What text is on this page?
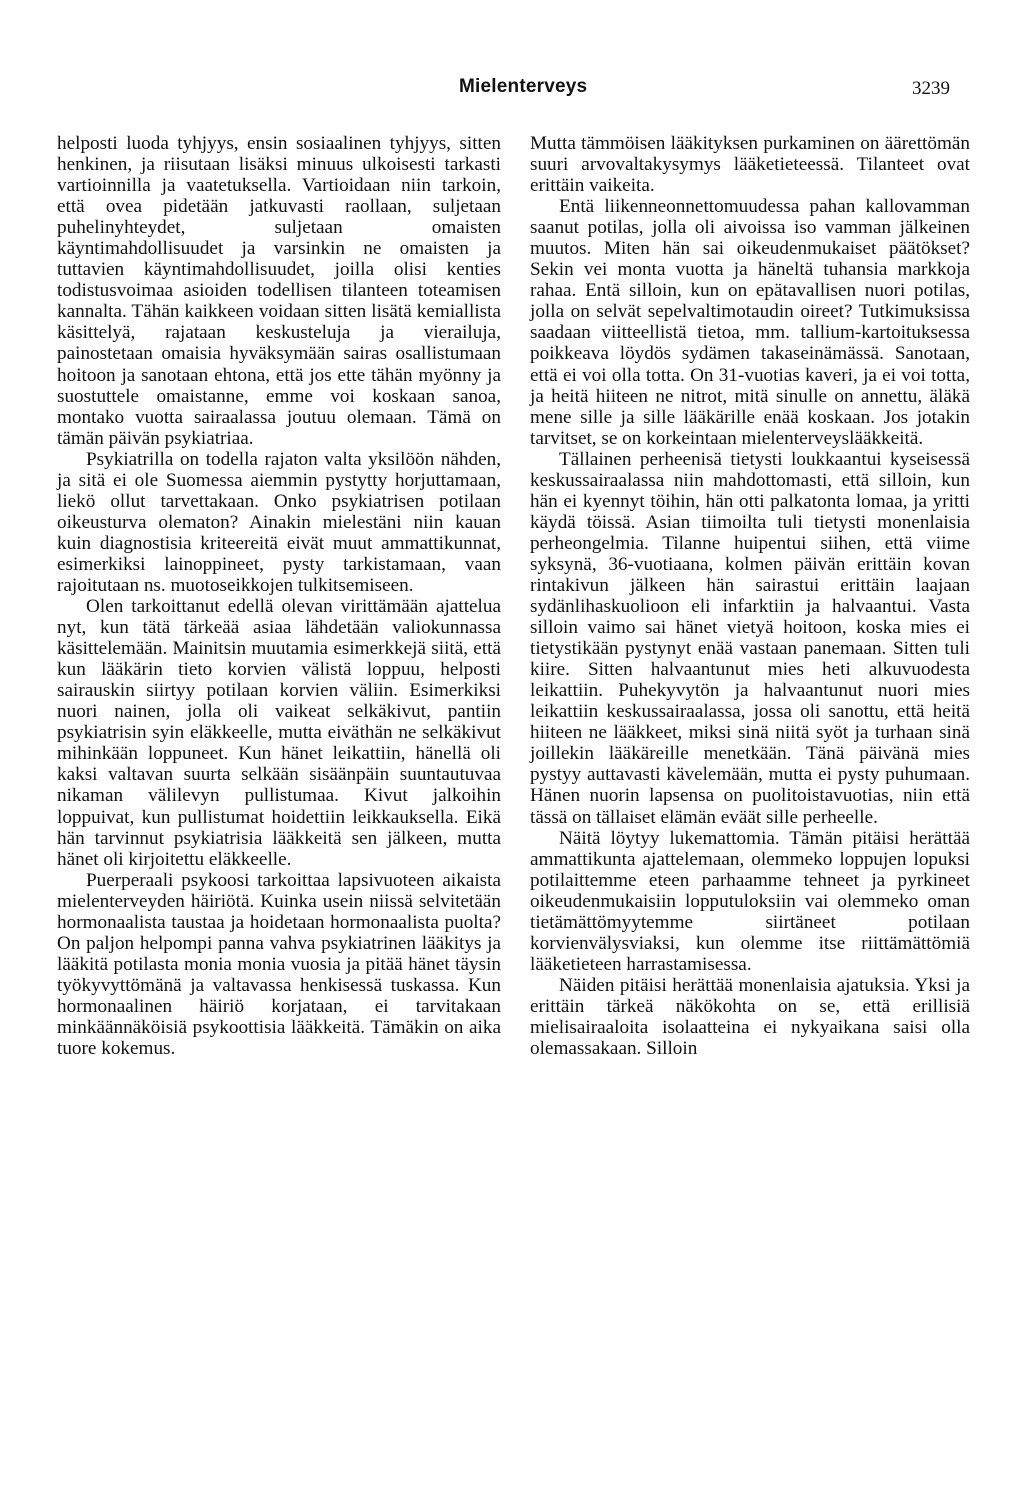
Mielenterveys	3239

helposti luoda tyhjyys, ensin sosiaalinen tyhjyys, sitten henkinen, ja riisutaan lisäksi minuus ulkoisesti tarkasti vartioinnilla ja vaatetuksella. Vartioidaan niin tarkoin, että ovea pidetään jatkuvasti raollaan, suljetaan puhelinyhteydet, suljetaan omaisten käyntimahdollisuudet ja varsinkin ne omaisten ja tuttavien käyntimahdollisuudet, joilla olisi kenties todistusvoimaa asioiden todellisen tilanteen toteamisen kannalta. Tähän kaikkeen voidaan sitten lisätä kemiallista käsittelyä, rajataan keskusteluja ja vierailuja, painostetaan omaisia hyväksymään sairas osallistumaan hoitoon ja sanotaan ehtona, että jos ette tähän myönny ja suostuttele omaistanne, emme voi koskaan sanoa, montako vuotta sairaalassa joutuu olemaan. Tämä on tämän päivän psykiatriaa.

Psykiatrilla on todella rajaton valta yksilöön nähden, ja sitä ei ole Suomessa aiemmin pystytty horjuttamaan, liekö ollut tarvettakaan. Onko psykiatrisen potilaan oikeusturva olematon? Ainakin mielestäni niin kauan kuin diagnostisia kriteereitä eivät muut ammattikunnat, esimerkiksi lainoppineet, pysty tarkistamaan, vaan rajoitutaan ns. muotoseikkojen tulkitsemiseen.

Olen tarkoittanut edellä olevan virittämään ajattelua nyt, kun tätä tärkeää asiaa lähdetään valiokunnassa käsittelemään. Mainitsin muutamia esimerkkejä siitä, että kun lääkärin tieto korvien välistä loppuu, helposti sairauskin siirtyy potilaan korvien väliin. Esimerkiksi nuori nainen, jolla oli vaikeat selkäkivut, pantiin psykiatrisin syin eläkkeelle, mutta eiväthän ne selkäkivut mihinkään loppuneet. Kun hänet leikattiin, hänellä oli kaksi valtavan suurta selkään sisäänpäin suuntautuvaa nikaman välilevyn pullistumaa. Kivut jalkoihin loppuivat, kun pullistumat hoidettiin leikkauksella. Eikä hän tarvinnut psykiatrisia lääkkeitä sen jälkeen, mutta hänet oli kirjoitettu eläkkeelle.

Puerperaali psykoosi tarkoittaa lapsivuoteen aikaista mielenterveyden häiriötä. Kuinka usein niissä selvitetään hormonaalista taustaa ja hoidetaan hormonaalista puolta? On paljon helpompi panna vahva psykiatrinen lääkitys ja lääkitä potilasta monia monia vuosia ja pitää hänet täysin työkyvyttömänä ja valtavassa henkisessä tuskassa. Kun hormonaalinen häiriö korjataan, ei tarvitakaan minkäännäköisiä psykoottisia lääkkeitä. Tämäkin on aika tuore kokemus.

Mutta tämmöisen lääkityksen purkaminen on äärettömän suuri arvovaltakysymys lääketieteessä. Tilanteet ovat erittäin vaikeita.

Entä liikenneonnettomuudessa pahan kallovamman saanut potilas, jolla oli aivoissa iso vamman jälkeinen muutos. Miten hän sai oikeudenmukaiset päätökset? Sekin vei monta vuotta ja häneltä tuhansia markkoja rahaa. Entä silloin, kun on epätavallisen nuori potilas, jolla on selvät sepelvaltimotaudin oireet? Tutkimuksissa saadaan viitteellistä tietoa, mm. tallium-kartoituksessa poikkeava löydös sydämen takaseinämässä. Sanotaan, että ei voi olla totta. On 31-vuotias kaveri, ja ei voi totta, ja heitä hiiteen ne nitrot, mitä sinulle on annettu, äläkä mene sille ja sille lääkärille enää koskaan. Jos jotakin tarvitset, se on korkeintaan mielenterveyslääkkeitä.

Tällainen perheenisä tietysti loukkaantui kyseisessä keskussairaalassa niin mahdottomasti, että silloin, kun hän ei kyennyt töihin, hän otti palkatonta lomaa, ja yritti käydä töissä. Asian tiimoilta tuli tietysti monenlaisia perheongelmia. Tilanne huipentui siihen, että viime syksynä, 36-vuotiaana, kolmen päivän erittäin kovan rintakivun jälkeen hän sairastui erittäin laajaan sydänlihaskuolioon eli infarktiin ja halvaantui. Vasta silloin vaimo sai hänet vietyä hoitoon, koska mies ei tietystikään pystynyt enää vastaan panemaan. Sitten tuli kiire. Sitten halvaantunut mies heti alkuvuodesta leikattiin. Puhekyvytön ja halvaantunut nuori mies leikattiin keskussairaalassa, jossa oli sanottu, että heitä hiiteen ne lääkkeet, miksi sinä niitä syöt ja turhaan sinä joillekin lääkäreille menetkään. Tänä päivänä mies pystyy auttavasti kävelemään, mutta ei pysty puhumaan. Hänen nuorin lapsensa on puolitoistavuotias, niin että tässä on tällaiset elämän eväät sille perheelle.

Näitä löytyy lukemattomia. Tämän pitäisi herättää ammattikunta ajattelemaan, olemmeko loppujen lopuksi potilaittemme eteen parhaamme tehneet ja pyrkineet oikeudenmukaisiin lopputuloksiin vai olemmeko oman tietämättömyytemme siirtäneet potilaan korvienvälysviaksi, kun olemme itse riittämättömiä lääketieteen harrastamisessa.

Näiden pitäisi herättää monenlaisia ajatuksia. Yksi ja erittäin tärkeä näkökohta on se, että erillisiä mielisairaaloita isolaatteina ei nykyaikana saisi olla olemassakaan. Silloin
